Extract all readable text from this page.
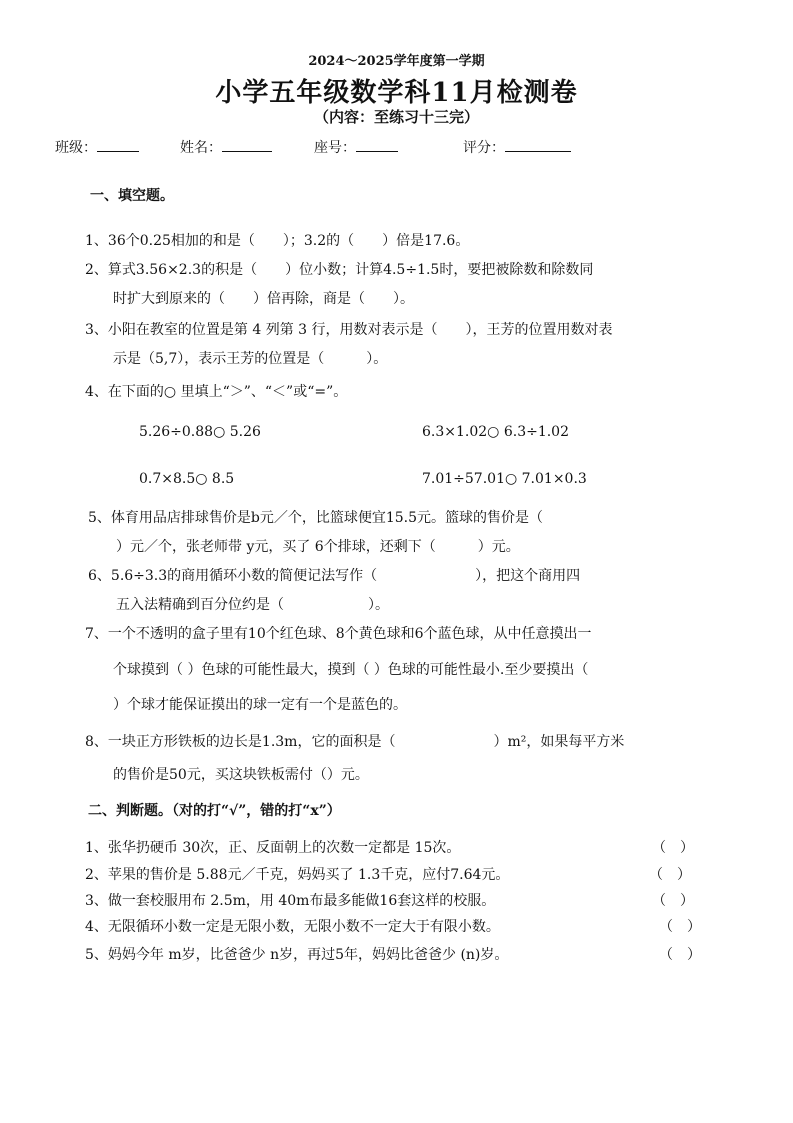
2024～2025学年度第一学期
小学五年级数学科11月检测卷
（内容：至练习十三完）
班级：	姓名：	座号：	评分：
一、填空题。
1、36个0.25相加的和是（　　）；3.2的（　　）倍是17.6。
2、算式3.56×2.3的积是（　　）位小数；计算4.5÷1.5时，要把被除数和除数同
时扩大到原来的（　　）倍再除，商是（　　）。
3、小阳在教室的位置是第 4 列第 3 行，用数对表示是（　　），王芳的位置用数对表
示是（5,7），表示王芳的位置是（　　　）。
4、在下面的○ 里填上“＞”、“＜”或“=”。
5.26÷0.88○ 5.26	6.3×1.02○ 6.3÷1.02
0.7×8.5○ 8.5	7.01÷57.01○ 7.01×0.3
5、体育用品店排球售价是b元／个，比篮球便宜15.5元。篮球的售价是（
）元／个，张老师带 y元，买了 6个排球，还剩下（　　　）元。
6、5.6÷3.3的商用循环小数的简便记法写作（　　　　　　　），把这个商用四
五入法精确到百分位约是（　　　　　　）。
7、一个不透明的盒子里有10个红色球、8个黄色球和6个蓝色球，从中任意摸出一
个球摸到（ ）色球的可能性最大，摸到（ ）色球的可能性最小.至少要摸出（
）个球才能保证摸出的球一定有一个是蓝色的。
8、一块正方形铁板的边长是1.3m，它的面积是（　　　　　　　）m²，如果每平方米
的售价是50元，买这块铁板需付（）元。
二、判断题。（对的打“√”，错的打“x”）
1、张华扔硬币 30次，正、反面朝上的次数一定都是 15次。	（　）
2、苹果的售价是 5.88元／千克，妈妈买了 1.3千克，应付7.64元。	（　）
3、做一套校服用布 2.5m，用 40m布最多能做16套这样的校服。	（　）
4、无限循环小数一定是无限小数，无限小数不一定大于有限小数。	（　）
5、妈妈今年 m岁，比爸爸少 n岁，再过5年，妈妈比爸爸少 (n)岁。	（　）
